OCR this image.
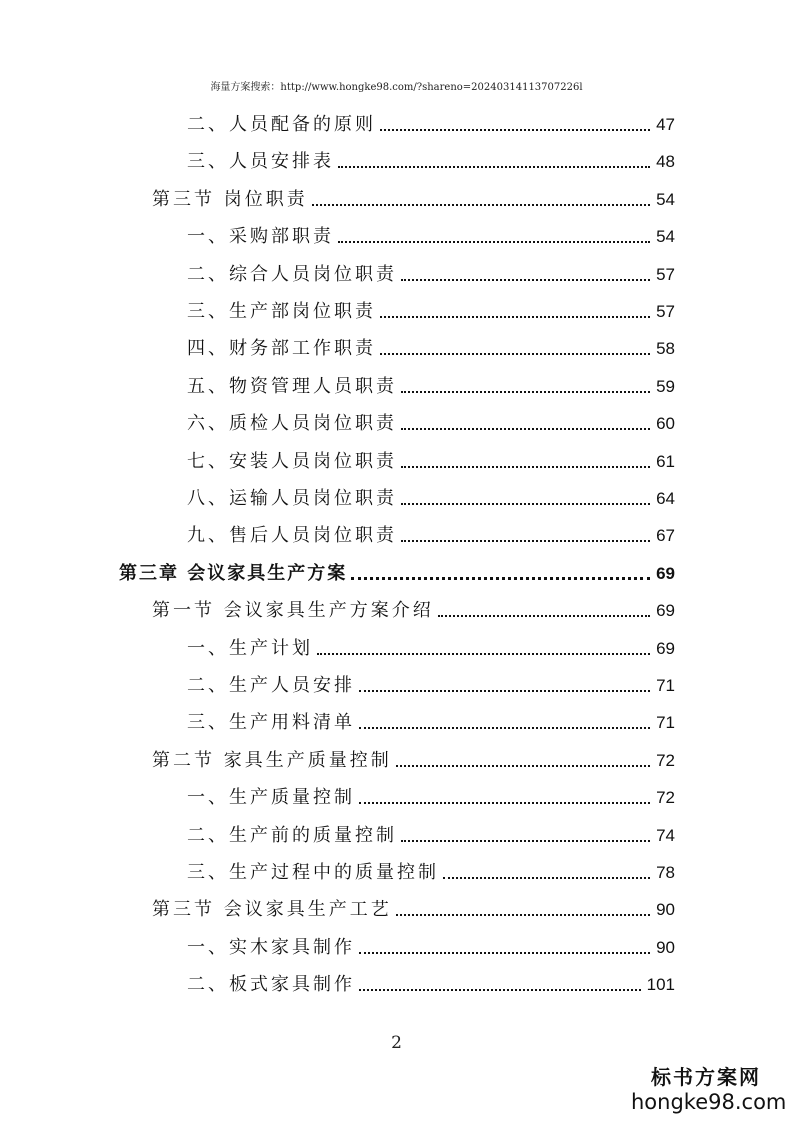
海量方案搜索：http://www.hongke98.com/?shareno=20240314113707226l
二、人员配备的原则	47
三、人员安排表	48
第三节 岗位职责	54
一、采购部职责	54
二、综合人员岗位职责	57
三、生产部岗位职责	57
四、财务部工作职责	58
五、物资管理人员职责	59
六、质检人员岗位职责	60
七、安装人员岗位职责	61
八、运输人员岗位职责	64
九、售后人员岗位职责	67
第三章 会议家具生产方案	69
第一节 会议家具生产方案介绍	69
一、生产计划	69
二、生产人员安排	71
三、生产用料清单	71
第二节 家具生产质量控制	72
一、生产质量控制	72
二、生产前的质量控制	74
三、生产过程中的质量控制	78
第三节 会议家具生产工艺	90
一、实木家具制作	90
二、板式家具制作	101
2
标书方案网
hongke98.com
